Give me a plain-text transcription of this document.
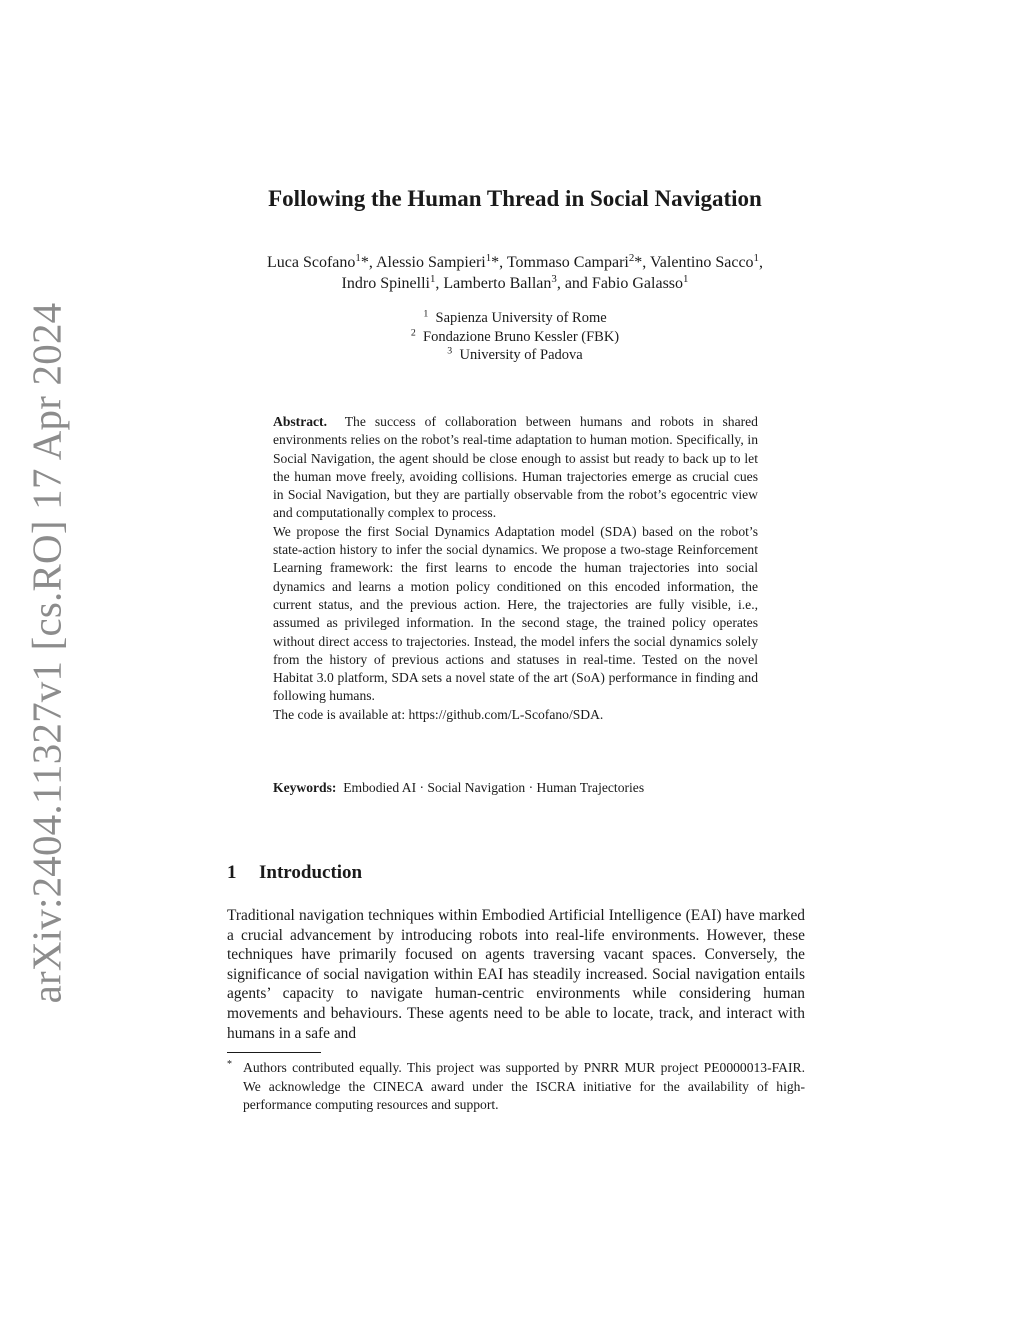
arXiv:2404.11327v1 [cs.RO] 17 Apr 2024
Following the Human Thread in Social Navigation
Luca Scofano$^1$*, Alessio Sampieri$^1$*, Tommaso Campari$^2$*, Valentino Sacco$^1$,
Indro Spinelli$^1$, Lamberto Ballan$^3$, and Fabio Galasso$^1$
$^1$ Sapienza University of Rome
$^2$ Fondazione Bruno Kessler (FBK)
$^3$ University of Padova

Abstract. The success of collaboration between humans and robots in shared environments relies on the robot’s real-time adaptation to human motion. Specifically, in Social Navigation, the agent should be close enough to assist but ready to back up to let the human move freely, avoiding collisions. Human trajectories emerge as crucial cues in Social Navigation, but they are partially observable from the robot’s egocentric view and computationally complex to process.

We propose the first Social Dynamics Adaptation model (SDA) based on the robot’s state-action history to infer the social dynamics. We propose a two-stage Reinforcement Learning framework: the first learns to encode the human trajectories into social dynamics and learns a motion policy conditioned on this encoded information, the current status, and the previous action. Here, the trajectories are fully visible, i.e., assumed as privileged information. In the second stage, the trained policy operates without direct access to trajectories. Instead, the model infers the social dynamics solely from the history of previous actions and statuses in real-time. Tested on the novel Habitat 3.0 platform, SDA sets a novel state of the art (SoA) performance in finding and following humans.

The code is available at: https://github.com/L-Scofano/SDA.

Keywords: Embodied AI · Social Navigation · Human Trajectories
1 Introduction

Traditional navigation techniques within Embodied Artificial Intelligence (EAI) have marked a crucial advancement by introducing robots into real-life environments. However, these techniques have primarily focused on agents traversing vacant spaces. Conversely, the significance of social navigation within EAI has steadily increased. Social navigation entails agents’ capacity to navigate human-centric environments while considering human movements and behaviours. These agents need to be able to locate, track, and interact with humans in a safe and

* Authors contributed equally. This project was supported by PNRR MUR project PE0000013-FAIR. We acknowledge the CINECA award under the ISCRA initiative for the availability of high-performance computing resources and support.
